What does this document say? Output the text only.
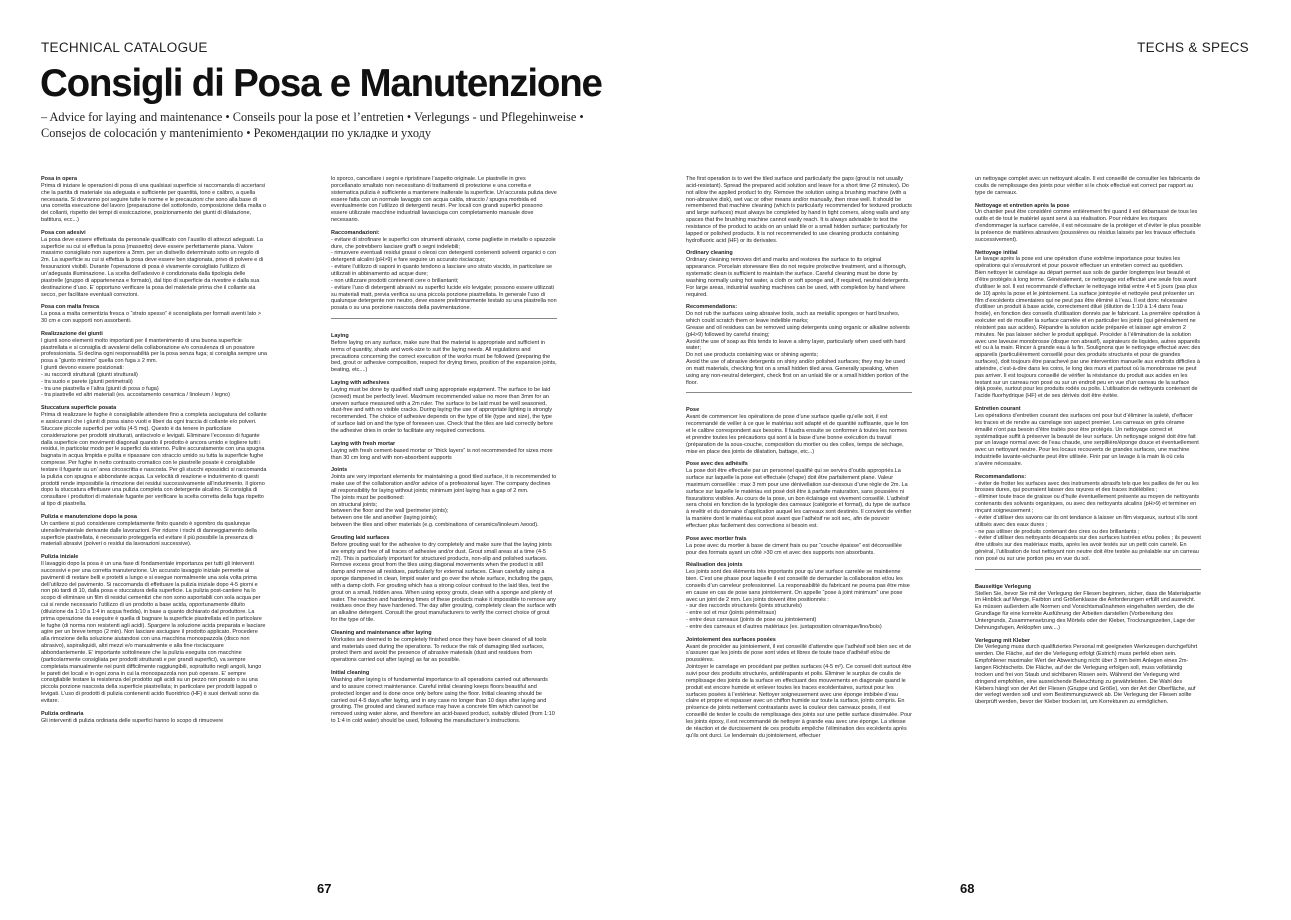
TECHNICAL CATALOGUE	TECHS & SPECS
Consigli di Posa e Manutenzione
– Advice for laying and maintenance • Conseils pour la pose et l’entretien • Verlegungs - und Pflegehinweise • Consejos de colocación y mantenimiento • Рекомендации по укладке и уходу

Posa in opera
Prima di iniziare le operazioni di posa di una qualsiasi superficie si raccomanda di accertarsi che la partita di materiale sia adeguata e sufficiente per quantità, tono e calibro, a quella necessaria. Si dovranno poi seguire tutte le norme e le precauzioni che sono alla base di una corretta esecuzione del lavoro (preparazione del sottofondo, composizione della malta o dei collanti, rispetto dei tempi di essiccazione, posizionamento dei giunti di dilatazione, battitura, ecc...)

Posa con adesivi
La posa deve essere effettuata da personale qualificato con l’ausilio di attrezzi adeguati. La superficie su cui si effettua la posa (massetto) deve essere perfettamente piana. Valore massimo consigliato non superiore a 3mm. per un dislivello determinato sotto un regolo di 2m. La superficie su cui si effettua la posa deve essere ben stagionata, privo di polvere e di fessurazioni visibili. Durante l’operazione di posa è vivamente consigliato l’utilizzo di un’adeguata illuminazione. La scelta dell’adesivo è condizionata dalla tipologia delle piastrelle (gruppo di appartenenza e formato), dal tipo di superficie da rivestire e dalla sua destinazione d’uso. E’ opportuno verificare la posa del materiale prima che il collante sia secco, per facilitare eventuali correzioni.

Posa con malta fresca
La posa a malta cementizia fresca o “strato spesso” è sconsigliata per formati aventi lato > 30 cm e con supporti non assorbenti.

Realizzazione dei giunti
I giunti sono elementi molto importanti per il mantenimento di una buona superficie piastrellata e si consiglia di avvalersi della collaborazione e/o consulenza di un posatore professionista. Si declina ogni responsabilità per la posa senza fuga; si consiglia sempre una posa a “giunto minimo” quella con fuga ≥ 2 mm.
I giunti devono essere posizionati:
- su raccordi strutturali (giunti strutturali)
- tra suolo e parete (giunti perimetrali)
- tra une piastrella e l’altra (giunti di posa o fuga)
- tra piastrelle ed altri materiali (es. accostamento ceramica / linoleum / legno)

Stuccatura superficie posata
Prima di realizzare le fughe è consigliabile attendere fino a completa asciugatura del collante e assicurarsi che i giunti di posa siano vuoti e liberi da ogni traccia di collante e/o polveri. Stuccare piccole superfici per volta (4-5 mq). Questo è da tenere in particolare considerazione per prodotti strutturati, antiscivolo e levigati. Eliminare l’eccesso di fugante dalla superficie con movimenti diagonali quando il prodotto è ancora umido e togliere tutti i residui, in particolar modo per le superfici da esterno. Pulire accuratamente con una spugna bagnata in acqua limpida e pulita e ripassare con straccio umido su tutta la superficie fughe comprese. Per fughe in netto contrasto cromatico con le piastrelle posate è consigliabile testare il fugante su un’ area circoscritta e nascosta. Per gli stucchi epossidici si raccomanda la pulizia con spugna e abbondante acqua. La velocità di reazione e indurimento di questi prodotti rende impossibile la rimozione dei residui successivamente all’indurimento. Il giorno dopo la stuccatura effettuare una pulizia completa con detergente alcalino. Si consiglia di consultare i produttori di materiale fugante per verificare la scelta corretta della fuga rispetto al tipo di piastrella.

Pulizia e manutenzione dopo la posa
Un cantiere si può considerare completamente finito quando è sgombro da qualunque utensile/materiale derivante dalle lavorazioni. Per ridurre i rischi di danneggiamento della superficie piastrellata, è necessario proteggerla ed evitare il più possibile la presenza di materiali abrasivi (polveri o residui da lavorazioni successive).

Pulizia iniziale
Il lavaggio dopo la posa è un una fase di fondamentale importanza per tutti gli interventi successivi e per una corretta manutenzione. Un accurato lavaggio iniziale permette ai pavimenti di restare belli e protetti a lungo e si esegue normalmente una sola volta prima dell’utilizzo del pavimento. Si raccomanda di effettuare la pulizia iniziale dopo 4-5 giorni e non più tardi di 10, dalla posa e stuccatura della superficie. La pulizia post-cantiere ha lo scopo di eliminare un film di residui cementizi che non sono asportabili con sola acqua per cui si rende necessario l’utilizzo di un prodotto a base acida, opportunamente diluito (diluizione da 1:10 a 1:4 in acqua fredda), in base a quanto dichiarato dal produttore. La prima operazione da eseguire è quella di bagnare la superficie piastrellata ed in particolare le fughe (di norma non resistenti agli acidi). Spargere la soluzione acida preparata e lasciare agire per un breve tempo (2 min). Non lasciare asciugare il prodotto applicato. Procedere alla rimozione della soluzione aiutandosi con una macchina monospazzola (disco non abrasivo), aspiraliquidi, altri mezzi e/o manualmente e alla fine risciacquare abbondantemente. E’ importante sottolineare che la pulizia eseguita con macchine (particolarmente consigliata per prodotti strutturati e per grandi superfici), va sempre completata manualmente nei punti difficilmente raggiungibili, soprattutto negli angoli, lungo le pareti dei locali e in ogni zona in cui la monospazzola non può operare. E’ sempre consigliabile testare la resistenza del prodotto agli acidi su un pezzo non posato o su una piccola porzione nascosta della superficie piastrellata; in particolare per prodotti lappati o levigati. L’uso di prodotti di pulizia contenenti acido fluoridrico (HF) è suoi derivati sono da evitare.

Pulizia ordinaria
Gli interventi di pulizia ordinaria delle superfici hanno lo scopo di rimuovere

lo sporco, cancellare i segni e ripristinare l’aspetto originale. Le piastrelle in gres porcellanato smaltato non necessitano di trattamenti di protezione e una corretta e sistematica pulizia è sufficiente a mantenere inalterate la superficie. Un’accurata pulizia deve essere fatta con un normale lavaggio con acqua calda, straccio / spugna morbida ed eventualmente con l’utilizzo di detergenti neutri. Per locali con grandi superfici possono essere utilizzate macchine industriali lavasciuga con completamento manuale dove necessario.

Raccomandazioni:
- evitare di strofinare le superfici con strumenti abrasivi, come pagliette in metallo o spazzole dure, che potrebbero lasciare graffi o segni indelebili;
- rimuovere eventuali residui grassi o oleosi con detergenti contenenti solventi organici o con detergenti alcalini (pH>9) e fare seguire un accurato risciacquo;
- evitare l’utilizzo di saponi in quanto tendono a lasciare uno strato viscido, in particolare se utilizzati in abbinamento ad acque dure;
- non utilizzare prodotti contenenti cere o brillantanti;
- evitare l’uso di detergenti abrasivi su superfici lucide e/o levigate; possono essere utilizzati su materiali matt, previa verifica su una piccola porzione piastrellata. In generale l’uso di qualunque detergente non neutro, deve essere preliminarmente testato su una piastrella non posata o su una porzione nascosta della pavimentazione.

Laying
Before laying on any surface, make sure that the material is appropriate and sufficient in terms of quantity, shade and work-size to suit the laying needs. All regulations and precautions concerning the correct execution of the works must be followed (preparing the bed, grout or adhesive composition, respect for drying times, position of the expansion joints, beating, etc....)

Laying with adhesives
Laying must be done by qualified staff using appropriate equipment. The surface to be laid (screed) must be perfectly level. Maximum recommended value no more than 3mm for an uneven surface measured with a 2m ruler. The surface to be laid must be well seasoned, dust-free and with no visible cracks. During laying the use of appropriate lighting is strongly recommended. The choice of adhesive depends on the type of tile (type and size), the type of surface laid on and the type of foreseen use. Check that the tiles are laid correctly before the adhesive dries in order to facilitate any required corrections.

Laying with fresh mortar
Laying with fresh cement-based mortar or “thick layers” is not recommended for sizes more than 30 cm long and with non-absorbent supports

Joints
Joints are very important elements for maintaining a good tiled surface, it is recommended to make use of the collaboration and/or advice of a professional layer. The company declines all responsibility for laying without joints; minimum joint laying has a gap of 2 mm.
The joints must be positioned:
on structural joints;
between the floor and the wall (perimeter joints);
between one tile and another (laying joints);
between the tiles and other materials (e.g. combinations of ceramics/linoleum /wood).

Grouting laid surfaces
Before grouting wait for the adhesive to dry completely and make sure that the laying joints are empty and free of all traces of adhesive and/or dust. Grout small areas at a time (4-5 m2). This is particularly important for structured products, non-slip and polished surfaces. Remove excess grout from the tiles using diagonal movements when the product is still damp and remove all residues, particularly for external surfaces. Clean carefully using a sponge dampened in clean, limpid water and go over the whole surface, including the gaps, with a damp cloth. For grouting which has a strong colour contrast to the laid tiles, test the grout on a small, hidden area. When using epoxy grouts, clean with a sponge and plenty of water. The reaction and hardening times of these products make it impossible to remove any residues once they have hardened. The day after grouting, completely clean the surface with an alkaline detergent. Consult the grout manufacturers to verify the correct choice of grout for the type of tile.

Cleaning and maintenance after laying
Worksites are deemed to be completely finished once they have been cleared of all tools and materials used during the operations. To reduce the risk of damaging tiled surfaces, protect them and avoid the presence of abrasive materials (dust and residues from operations carried out after laying) as far as possible.

Initial cleaning
Washing after laying is of fundamental importance to all operations carried out afterwards and to assure correct maintenance. Careful initial cleaning keeps floors beautiful and protected longer and is done once only before using the floor. Initial cleaning should be carried out 4-5 days after laying, and in any case no longer than 10 days after laying and grouting. The grouted and cleaned surface may have a concrete film which cannot be removed using water alone, and therefore an acid-based product, suitably diluted (from 1:10 to 1:4 in cold water) should be used, following the manufacturer’s instructions.

The first operation is to wet the tiled surface and particularly the gaps (grout is not usually acid-resistant). Spread the prepared acid solution and leave for a short time (2 minutes). Do not allow the applied product to dry. Remove the solution using a brushing machine (with a non-abrasive disk), wet vac or other means and/or manually, then rinse well. It should be remembered that machine cleaning (which is particularly recommended for textured products and large surfaces) must always be completed by hand in tight corners, along walls and any spaces that the brushing machine cannot easily reach. It is always advisable to test the resistance of the product to acids on an unlaid tile or a small hidden surface; particularly for lapped or polished products. It is not recommended to use cleaning products containing hydrofluoric acid (HF) or its derivates.

Ordinary cleaning
Ordinary cleaning removes dirt and marks and restores the surface to its original appearance. Porcelain stoneware tiles do not require protective treatment, and a thorough, systematic clean is sufficient to maintain the surface. Careful cleaning must be done by washing normally using hot water, a cloth or soft sponge and, if required, neutral detergents. For large areas, industrial washing machines can be used, with completion by hand where required.

Recommendations:
Do not rub the surfaces using abrasive tools, such as metallic sponges or hard brushes, which could scratch them or leave indelible marks;
Grease and oil residues can be removed using detergents using organic or alkaline solvents (pH>9) followed by careful rinsing;
Avoid the use of soap as this tends to leave a slimy layer, particularly when used with hard water;
Do not use products containing wax or shining agents;
Avoid the use of abrasive detergents on shiny and/or polished surfaces; they may be used on matt materials, checking first on a small hidden tiled area. Generally speaking, when using any non-neutral detergent, check first on an unlaid tile or a small hidden portion of the floor.

Pose
Avant de commencer les opérations de pose d’une surface quelle qu’elle soit, il est recommandé de veiller à ce que le matériau soit adapté et de quantité suffisante, que le ton et le calibre correspondent aux besoins. Il faudra ensuite se conformer à toutes les normes et prendre toutes les précautions qui sont à la base d’une bonne exécution du travail (préparation de la sous-couche, composition du mortier ou des colles, temps de séchage, mise en place des joints de dilatation, battage, etc...)

Pose avec des adhésifs
La pose doit être effectuée par un personnel qualifié qui se servira d’outils appropriés.La surface sur laquelle la pose est effectuée (chape) doit être parfaitement plane. Valeur maximum conseillée : max 3 mm pour une dénivellation sur-dessous d’une règle de 2m. La surface sur laquelle le matériau est posé doit être à parfaite maturation, sans poussière ni fissurations visibles. Au cours de la pose, un bon éclairage est vivement conseillé. L’adhésif sera choisi en fonction de la typologie des carreaux (catégorie et format), du type de surface à revêtir et du domaine d’application auquel les carreaux sont destinés. Il convient de vérifier la manière dont le matériau est posé avant que l’adhésif ne soit sec, afin de pouvoir effectuer plus facilement des corrections si besoin est.

Pose avec mortier frais
La pose avec du mortier à base de ciment frais ou par “couche épaisse” est déconseillée pour des formats ayant un côté >30 cm et avec des supports non absorbants.

Réalisation des joints
Les joints sont des éléments très importants pour qu’une surface carrelée se maintienne bien. C’est une phase pour laquelle il est conseillé de demander la collaboration et/ou les conseils d’un carreleur professionnel. La responsabilité du fabricant ne pourra pas être mise en cause en cas de pose sans jointoiement. On appelle “pose à joint minimum” une pose avec un joint de 2 mm. Les joints doivent être positionnés :
- sur des raccords structurels (joints structurels)
- entre sol et mur (joints périmétraux)
- entre deux carreaux (joints de pose ou jointoiement)
- entre des carreaux et d’autres matériaux (ex. juxtaposition céramique/lino/bois)

Jointoiement des surfaces posées
Avant de procéder au jointoiement, il est conseillé d’attendre que l’adhésif soit bien sec et de s’assurer que les joints de pose sont vides et libres de toute trace d’adhésif et/ou de poussières.
Jointoyer le carrelage en procédant par petites surfaces (4-5 m²). Ce conseil doit surtout être suivi pour des produits structurés, antidérapants et polis. Éliminer le surplus de coulis de remplissage des joints de la surface en effectuant des mouvements en diagonale quand le produit est encore humide et enlever toutes les traces excédentaires, surtout pour les surfaces posées à l’extérieur. Nettoyer soigneusement avec une éponge imbibée d’eau claire et propre et repasser avec un chiffon humide sur toute la surface, joints compris. En présence de joints nettement contrastants avec la couleur des carreaux posés, il est conseillé de tester le coulis de remplissage des joints sur une petite surface dissimulée. Pour les joints époxy, il est recommandé de nettoyer à grande eau avec une éponge. La vitesse de réaction et de durcissement de ces produits empêche l’élimination des excédents après qu’ils ont durci. Le lendemain du jointoiement, effectuer

un nettoyage complet avec un nettoyant alcalin. Il est conseillé de consulter les fabricants de coulis de remplissage des joints pour vérifier si le choix effectué est correct par rapport au type de carreaux.

Nettoyage et entretien après la pose
Un chantier peut être considéré comme entièrement fini quand il est débarrassé de tous les outils et de tout le matériel ayant servi à sa réalisation. Pour réduire les risques d’endommager la surface carrelée, il est nécessaire de la protéger et d’éviter le plus possible la présence de matières abrasives (poussières ou résidus laissés par les travaux effectués successivement).

Nettoyage initial
Le lavage après la pose est une opération d’une extrême importance pour toutes les opérations qui s’ensuivront et pour pouvoir effectuer un entretien correct au quotidien.
Bien nettoyer le carrelage au départ permet aux sols de garder longtemps leur beauté et d’être protégés à long terme. Généralement, ce nettoyage est effectué une seule fois avant d’utiliser le sol. Il est recommandé d’effectuer le nettoyage initial entre 4 et 5 jours (pas plus de 10) après la pose et le jointoiement. La surface jointoyée et nettoyée peut présenter un film d’excédents cimentaires qui ne peut pas être éliminé à l’eau. Il est donc nécessaire d’utiliser un produit à base acide, correctement dilué (dilution de 1:10 à 1:4 dans l’eau froide), en fonction des conseils d’utilisation donnés par le fabricant. La première opération à exécuter est de mouiller la surface carrelée et en particulier les joints (qui généralement ne résistent pas aux acides). Répandre la solution acide préparée et laisser agir environ 2 minutes. Ne pas laisser sécher le produit appliqué. Procéder à l’élimination de la solution avec une laveuse monobrosse (disque non abrasif), aspirateurs de liquides, autres appareils et/ ou à la main. Rincer à grande eau à la fin. Soulignons que le nettoyage effectué avec des appareils (particulièrement conseillé pour des produits structurés et pour de grandes surfaces), doit toujours être parachevé par une intervention manuelle aux endroits difficiles à atteindre, c’est-à-dire dans les coins, le long des murs et partout où la monobrosse ne peut pas arriver. Il est toujours conseillé de vérifier la résistance du produit aux acides en les testant sur un carreau non posé ou sur un endroit peu en vue d’un carreau de la surface déjà posée, surtout pour les produits rodés ou polis. L’utilisation de nettoyants contenant de l’acide fluorhydrique (HF) et de ses dérivés doit être évitée.

Entretien courant
Les opérations d’entretien courant des surfaces ont pour but d’éliminer la saleté, d’effacer les traces et de rendre au carrelage son aspect premier. Les carreaux en grès cérame émaillé n’ont pas besoin d’être traités pour être protégés. Un nettoyage correct et systématique suffit à préserver la beauté de leur surface. Un nettoyage soigné doit être fait par un lavage normal avec de l’eau chaude, une serpillière/éponge douce et éventuellement avec un nettoyant neutre. Pour les locaux recouverts de grandes surfaces, une machine industrielle lavante-séchante peut être utilisée. Finir par un lavage à la main là où cela s’avère nécessaire.

Recommandations:
- éviter de frotter les surfaces avec des instruments abrasifs tels que les pailles de fer ou les brosses dures, qui pourraient laisser des rayures et des traces indélébiles ;
- éliminer toute trace de graisse ou d’huile éventuellement présente au moyen de nettoyants contenants des solvants organiques, ou avec des nettoyants alcalins (pH>9) et terminer en rinçant soigneusement ;
- éviter d’utiliser des savons car ils ont tendance à laisser un film visqueux, surtout s’ils sont utilisés avec des eaux dures ;
- ne pas utiliser de produits contenant des cires ou des brillantants ;
- éviter d’utiliser des nettoyants décapants sur des surfaces lustrées et/ou polies ; ils peuvent être utilisés sur des matériaux matts, après les avoir testés sur un petit coin carrelé. En général, l’utilisation de tout nettoyant non neutre doit être testée au préalable sur un carreau non posé ou sur une portion peu en vue du sol.

Bauseitige Verlegung
Stellen Sie, bevor Sie mit der Verlegung der Fliesen beginnen, sicher, dass die Materialpartie im Hinblick auf Menge, Farbton und Größenklasse die Anforderungen erfüllt und ausreicht. Es müssen außerdem alle Normen und Vorsichtsmaßnahmen eingehalten werden, die die Grundlage für eine korrekte Ausführung der Arbeiten darstellen (Vorbereitung des Untergrunds, Zusammensetzung des Mörtels oder der Kleber, Trocknungszeiten, Lage der Dehnungsfugen, Anklopfen usw....)

Verlegung mit Kleber
Die Verlegung muss durch qualifiziertes Personal mit geeigneten Werkzeugen durchgeführt werden. Die Fläche, auf der die Verlegung erfolgt (Estrich) muss perfekt eben sein. Empfohlener maximaler Wert der Abweichung nicht über 3 mm beim Anlegen eines 2m-langen Richtscheits. Die Fläche, auf der die Verlegung erfolgen soll, muss vollständig trocken und frei von Staub und sichtbaren Rissen sein. Während der Verlegung wird dringend empfohlen, eine ausreichende Beleuchtung zu gewährleisten. Die Wahl des Klebers hängt von der Art der Fliesen (Gruppe und Größe), von der Art der Oberfläche, auf der verlegt werden soll und vom Bestimmungszweck ab. Die Verlegung der Fliesen sollte überprüft werden, bevor der Kleber trocken ist, um Korrekturen zu ermöglichen.

67	68
